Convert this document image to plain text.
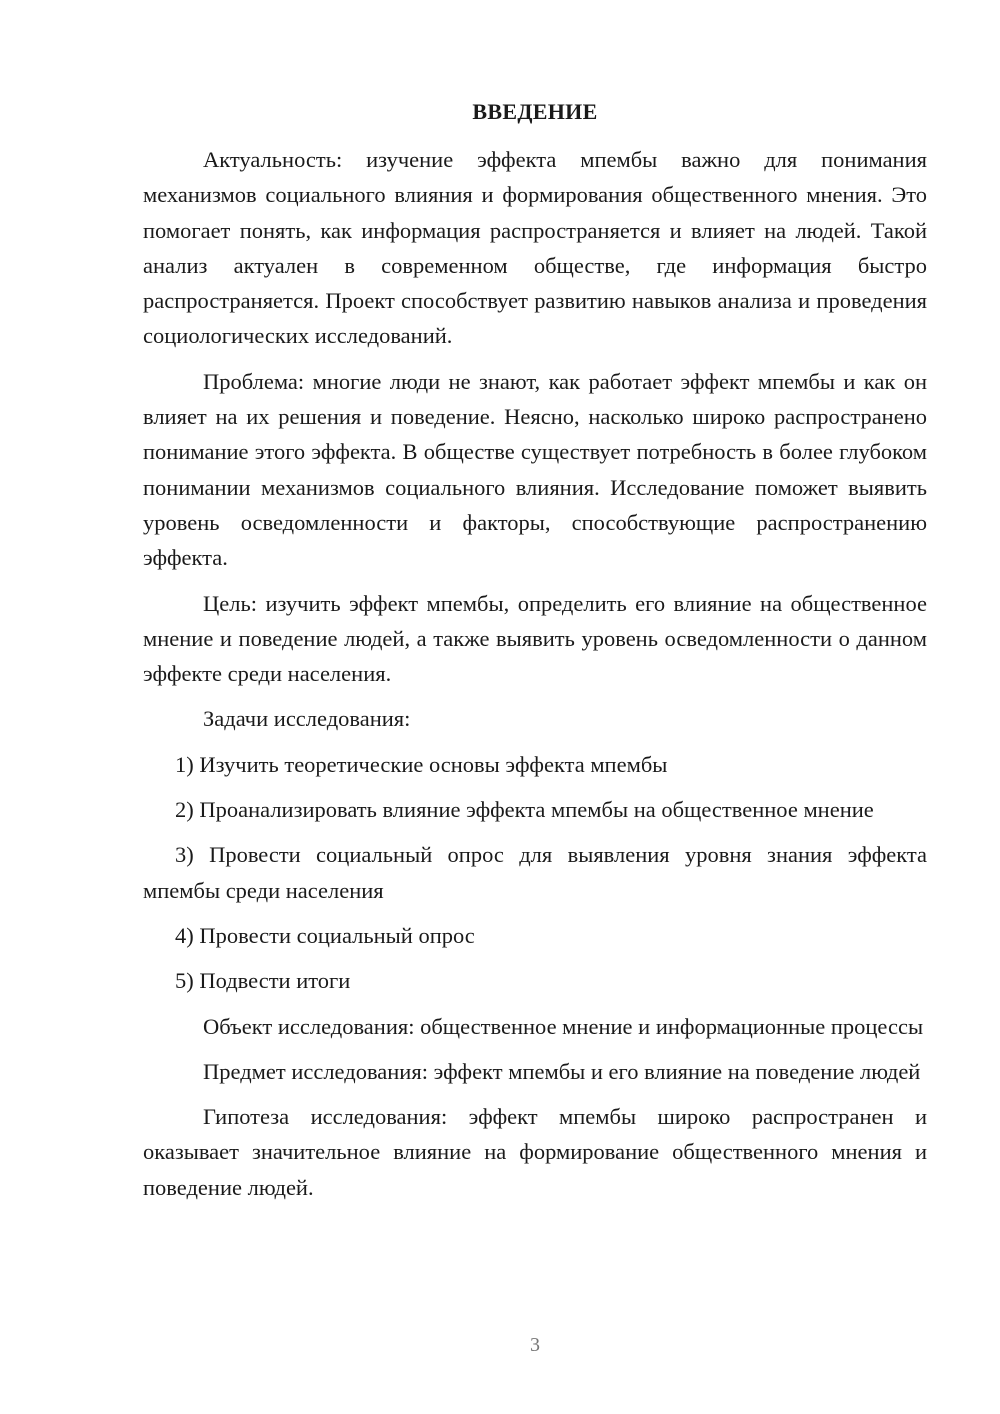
ВВЕДЕНИЕ

Актуальность: изучение эффекта мпембы важно для понимания механизмов социального влияния и формирования общественного мнения. Это помогает понять, как информация распространяется и влияет на людей. Такой анализ актуален в современном обществе, где информация быстро распространяется. Проект способствует развитию навыков анализа и проведения социологических исследований.

Проблема: многие люди не знают, как работает эффект мпембы и как он влияет на их решения и поведение. Неясно, насколько широко распространено понимание этого эффекта. В обществе существует потребность в более глубоком понимании механизмов социального влияния. Исследование поможет выявить уровень осведомленности и факторы, способствующие распространению эффекта.

Цель: изучить эффект мпембы, определить его влияние на общественное мнение и поведение людей, а также выявить уровень осведомленности о данном эффекте среди населения.

Задачи исследования:

1) Изучить теоретические основы эффекта мпембы

2) Проанализировать влияние эффекта мпембы на общественное мнение

3) Провести социальный опрос для выявления уровня знания эффекта мпембы среди населения

4) Провести социальный опрос

5) Подвести итоги

Объект исследования: общественное мнение и информационные процессы

Предмет исследования: эффект мпембы и его влияние на поведение людей

Гипотеза исследования: эффект мпембы широко распространен и оказывает значительное влияние на формирование общественного мнения и поведение людей.

3
